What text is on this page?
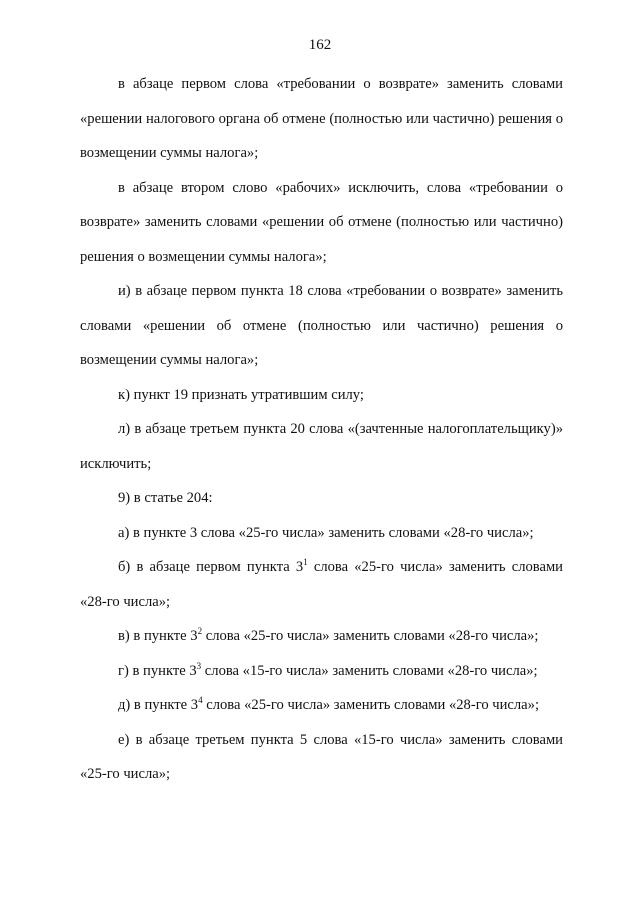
162

в абзаце первом слова «требовании о возврате» заменить словами «решении налогового органа об отмене (полностью или частично) решения о возмещении суммы налога»;

в абзаце втором слово «рабочих» исключить, слова «требовании о возврате» заменить словами «решении об отмене (полностью или частично) решения о возмещении суммы налога»;

и) в абзаце первом пункта 18 слова «требовании о возврате» заменить словами «решении об отмене (полностью или частично) решения о возмещении суммы налога»;

к) пункт 19 признать утратившим силу;

л) в абзаце третьем пункта 20 слова «(зачтенные налогоплательщику)» исключить;

9) в статье 204:

а) в пункте 3 слова «25-го числа» заменить словами «28-го числа»;

б) в абзаце первом пункта $3^1$ слова «25-го числа» заменить словами «28-го числа»;

в) в пункте $3^2$ слова «25-го числа» заменить словами «28-го числа»;

г) в пункте $3^3$ слова «15-го числа» заменить словами «28-го числа»;

д) в пункте $3^4$ слова «25-го числа» заменить словами «28-го числа»;

е) в абзаце третьем пункта 5 слова «15-го числа» заменить словами «25-го числа»;
